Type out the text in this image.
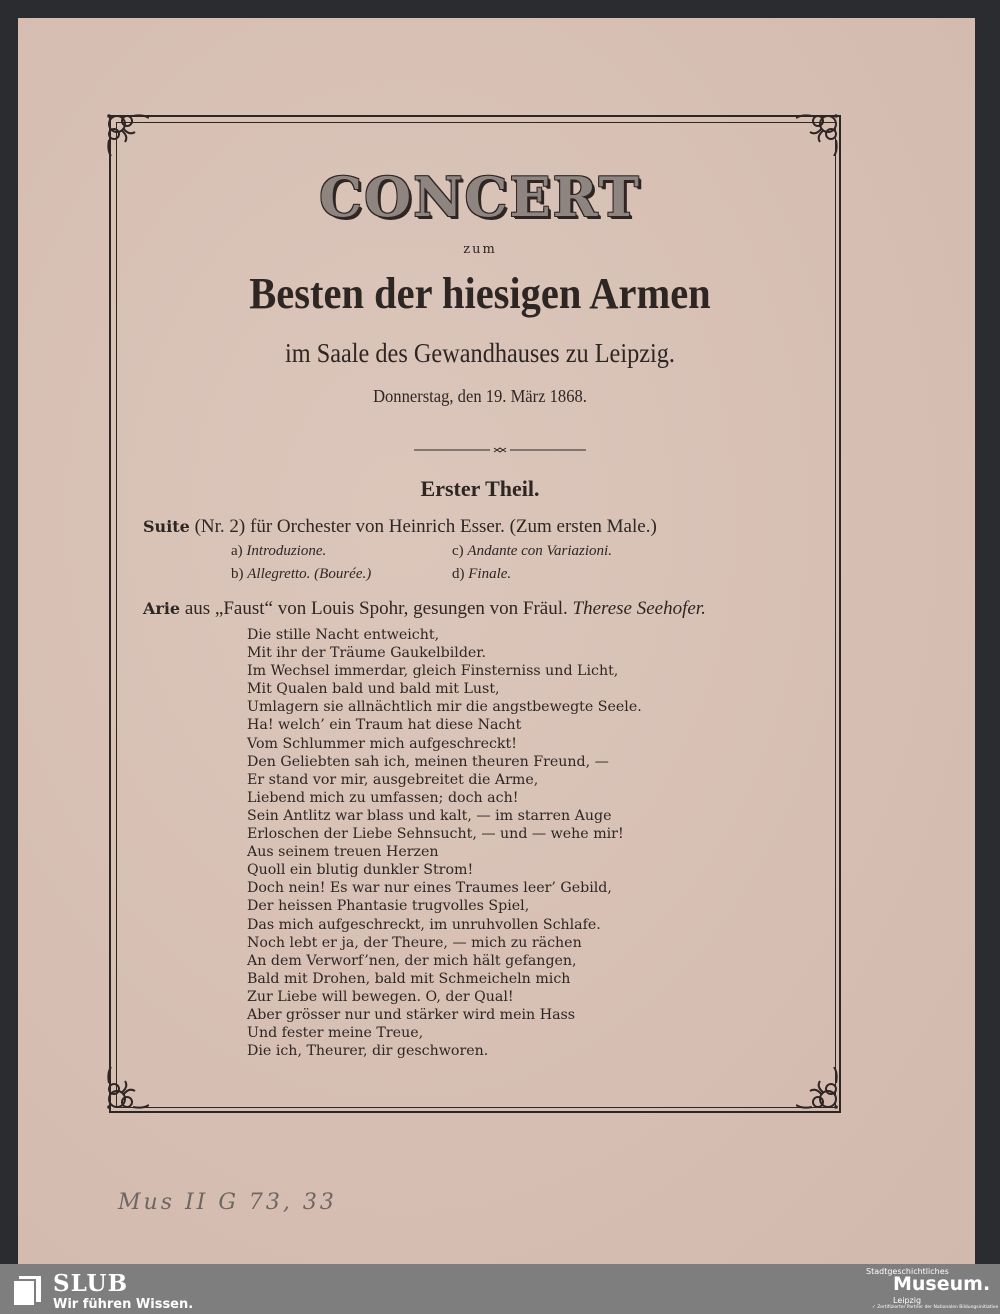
CONCERT
zum
Besten der hiesigen Armen
im Saale des Gewandhauses zu Leipzig.
Donnerstag, den 19. März 1868.
Erster Theil.
Suite (Nr. 2) für Orchester von Heinrich Esser. (Zum ersten Male.)
a) Introduzione.
b) Allegretto. (Bourée.)
c) Andante con Variazioni.
d) Finale.
Arie aus „Faust“ von Louis Spohr, gesungen von Fräul. Therese Seehofer.
Die stille Nacht entweicht,
Mit ihr der Träume Gaukelbilder.
Im Wechsel immerdar, gleich Finsterniss und Licht,
Mit Qualen bald und bald mit Lust,
Umlagern sie allnächtlich mir die angstbewegte Seele.
Ha! welch’ ein Traum hat diese Nacht
Vom Schlummer mich aufgeschreckt!
Den Geliebten sah ich, meinen theuren Freund, —
Er stand vor mir, ausgebreitet die Arme,
Liebend mich zu umfassen; doch ach!
Sein Antlitz war blass und kalt, — im starren Auge
Erloschen der Liebe Sehnsucht, — und — wehe mir!
Aus seinem treuen Herzen
Quoll ein blutig dunkler Strom!
Doch nein! Es war nur eines Traumes leer’ Gebild,
Der heissen Phantasie trugvolles Spiel,
Das mich aufgeschreckt, im unruhvollen Schlafe.
Noch lebt er ja, der Theure, — mich zu rächen
An dem Verworf’nen, der mich hält gefangen,
Bald mit Drohen, bald mit Schmeicheln mich
Zur Liebe will bewegen. O, der Qual!
Aber grösser nur und stärker wird mein Hass
Und fester meine Treue,
Die ich, Theurer, dir geschworen.
Mus II G 73, 33
SLUB
Wir führen Wissen.
Stadtgeschichtliches
Museum.
Leipzig
✓ Zertifizierter Partner der Nationalen Bildungsinitiative
